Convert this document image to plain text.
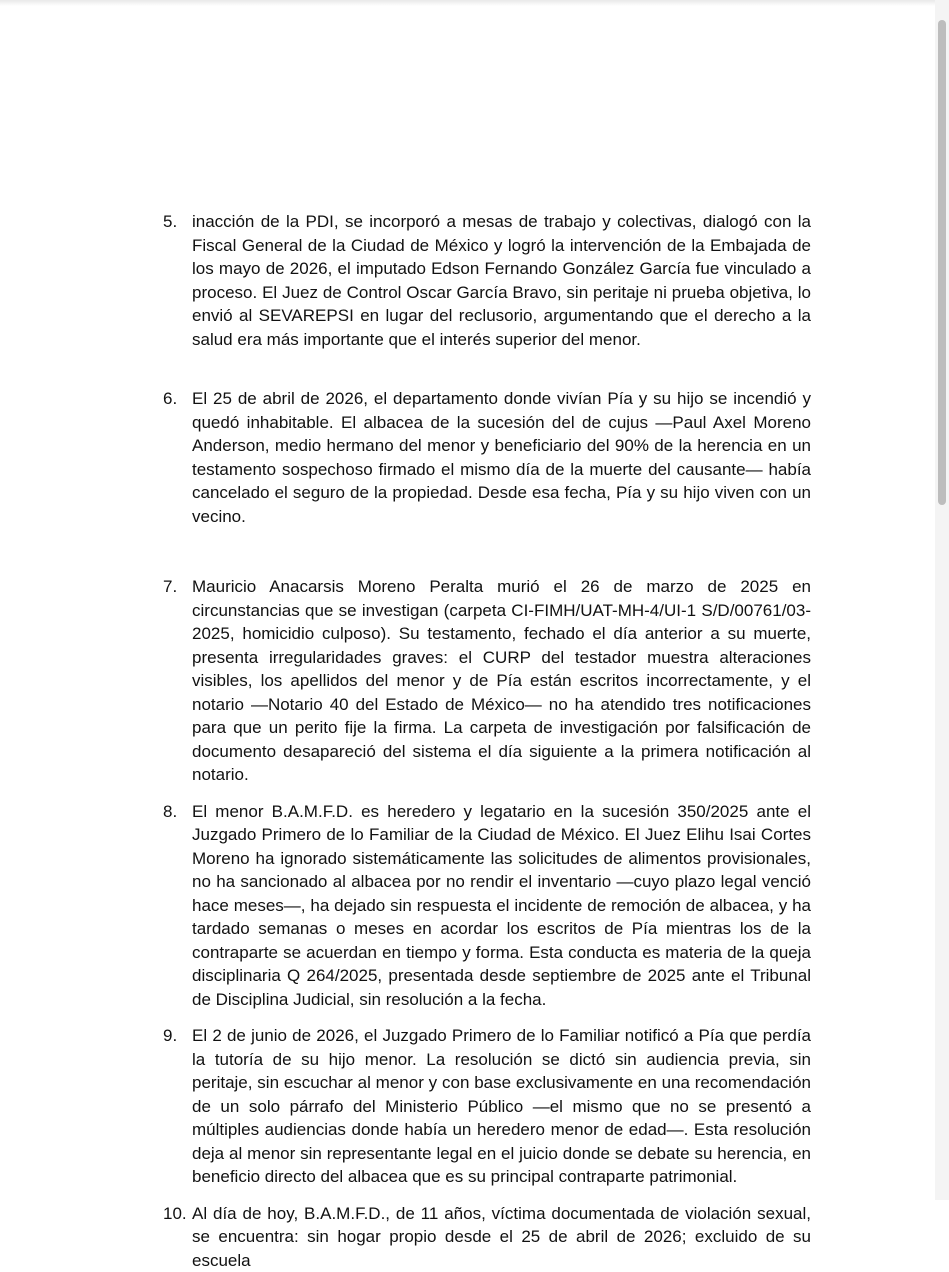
5. inacción de la PDI, se incorporó a mesas de trabajo y colectivas, dialogó con la Fiscal General de la Ciudad de México y logró la intervención de la Embajada de los mayo de 2026, el imputado Edson Fernando González García fue vinculado a proceso. El Juez de Control Oscar García Bravo, sin peritaje ni prueba objetiva, lo envió al SEVAREPSI en lugar del reclusorio, argumentando que el derecho a la salud era más importante que el interés superior del menor.

6. El 25 de abril de 2026, el departamento donde vivían Pía y su hijo se incendió y quedó inhabitable. El albacea de la sucesión del de cujus —Paul Axel Moreno Anderson, medio hermano del menor y beneficiario del 90% de la herencia en un testamento sospechoso firmado el mismo día de la muerte del causante— había cancelado el seguro de la propiedad. Desde esa fecha, Pía y su hijo viven con un vecino.

7. Mauricio Anacarsis Moreno Peralta murió el 26 de marzo de 2025 en circunstancias que se investigan (carpeta CI-FIMH/UAT-MH-4/UI-1 S/D/00761/03-2025, homicidio culposo). Su testamento, fechado el día anterior a su muerte, presenta irregularidades graves: el CURP del testador muestra alteraciones visibles, los apellidos del menor y de Pía están escritos incorrectamente, y el notario —Notario 40 del Estado de México— no ha atendido tres notificaciones para que un perito fije la firma. La carpeta de investigación por falsificación de documento desapareció del sistema el día siguiente a la primera notificación al notario.

8. El menor B.A.M.F.D. es heredero y legatario en la sucesión 350/2025 ante el Juzgado Primero de lo Familiar de la Ciudad de México. El Juez Elihu Isai Cortes Moreno ha ignorado sistemáticamente las solicitudes de alimentos provisionales, no ha sancionado al albacea por no rendir el inventario —cuyo plazo legal venció hace meses—, ha dejado sin respuesta el incidente de remoción de albacea, y ha tardado semanas o meses en acordar los escritos de Pía mientras los de la contraparte se acuerdan en tiempo y forma. Esta conducta es materia de la queja disciplinaria Q 264/2025, presentada desde septiembre de 2025 ante el Tribunal de Disciplina Judicial, sin resolución a la fecha.

9. El 2 de junio de 2026, el Juzgado Primero de lo Familiar notificó a Pía que perdía la tutoría de su hijo menor. La resolución se dictó sin audiencia previa, sin peritaje, sin escuchar al menor y con base exclusivamente en una recomendación de un solo párrafo del Ministerio Público —el mismo que no se presentó a múltiples audiencias donde había un heredero menor de edad—. Esta resolución deja al menor sin representante legal en el juicio donde se debate su herencia, en beneficio directo del albacea que es su principal contraparte patrimonial.

10. Al día de hoy, B.A.M.F.D., de 11 años, víctima documentada de violación sexual, se encuentra: sin hogar propio desde el 25 de abril de 2026; excluido de su escuela
